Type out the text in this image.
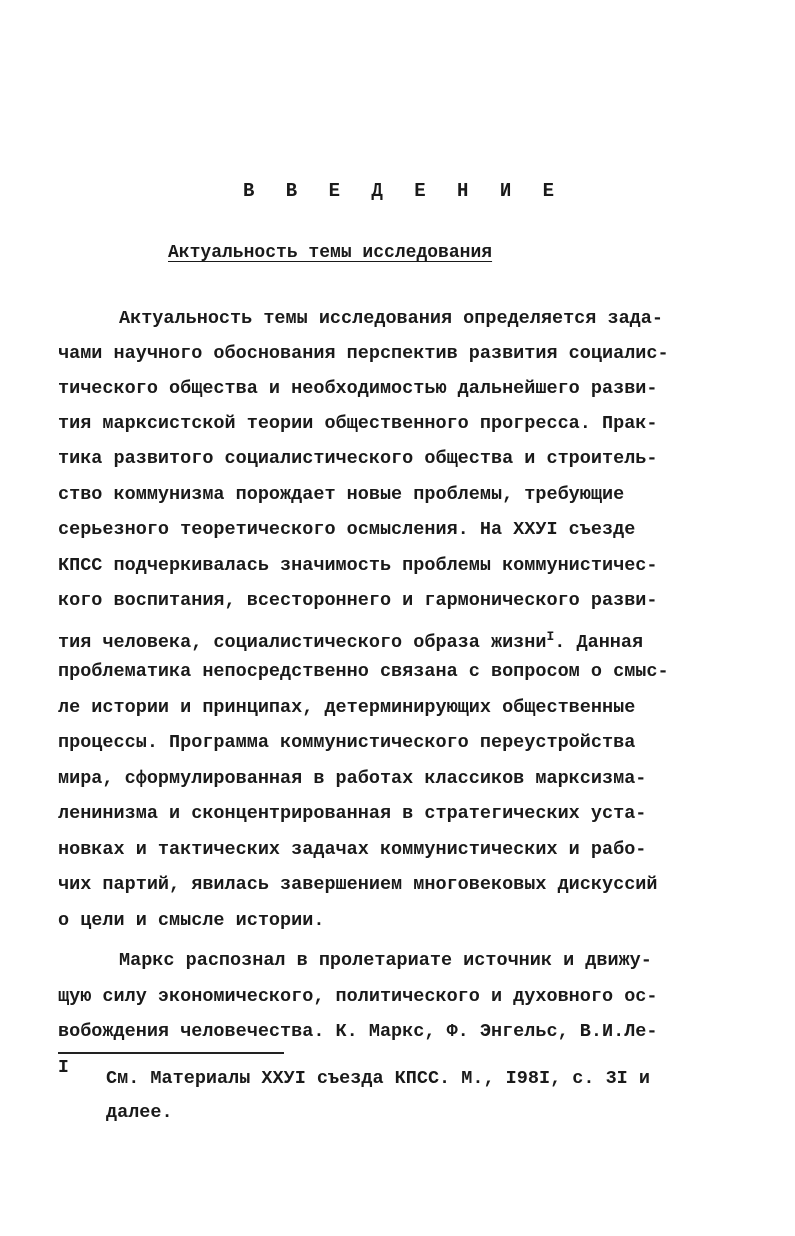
В В Е Д Е Н И Е
Актуальность темы исследования
Актуальность темы исследования определяется зада-
чами научного обоснования перспектив развития социалис-
тического общества и необходимостью дальнейшего разви-
тия марксистской теории общественного прогресса. Прак-
тика развитого социалистического общества и строитель-
ство коммунизма порождает новые проблемы, требующие
серьезного теоретического осмысления. На XXУI съезде
КПСС подчеркивалась значимость проблемы коммунистичес-
кого воспитания, всестороннего и гармонического разви-
тия человека, социалистического образа жизни$^I$. Данная
проблематика непосредственно связана с вопросом о смыс-
ле истории и принципах, детерминирующих общественные
процессы. Программа коммунистического переустройства
мира, сформулированная в работах классиков марксизма-
ленинизма и сконцентрированная в стратегических уста-
новках и тактических задачах коммунистических и рабо-
чих партий, явилась завершением многовековых дискуссий
о цели и смысле истории.
Маркс распознал в пролетариате источник и движу-
щую силу экономического, политического и духовного ос-
вобождения человечества. К. Маркс, Ф. Энгельс, В.И.Ле-
I См. Материалы XXУI съезда КПСС. М., I98I, с. 3I и
далее.
